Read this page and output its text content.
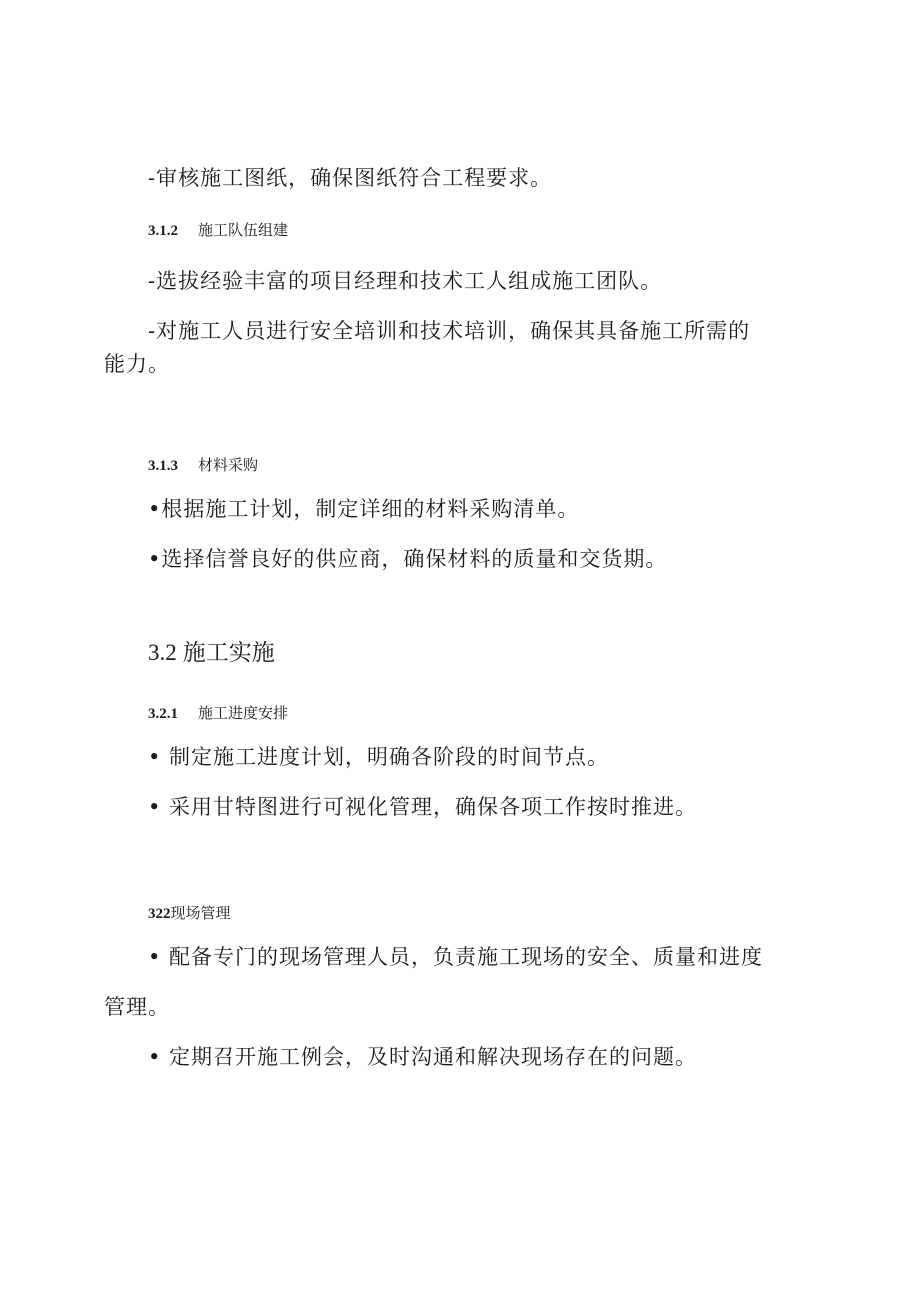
-审核施工图纸，确保图纸符合工程要求。
3.1.2 施工队伍组建
-选拔经验丰富的项目经理和技术工人组成施工团队。
-对施工人员进行安全培训和技术培训，确保其具备施工所需的
能力。
3.1.3 材料采购
•根据施工计划，制定详细的材料采购清单。
•选择信誉良好的供应商，确保材料的质量和交货期。
3.2 施工实施
3.2.1 施工进度安排
• 制定施工进度计划，明确各阶段的时间节点。
• 采用甘特图进行可视化管理，确保各项工作按时推进。
322现场管理
• 配备专门的现场管理人员，负责施工现场的安全、质量和进度
管理。
• 定期召开施工例会，及时沟通和解决现场存在的问题。
